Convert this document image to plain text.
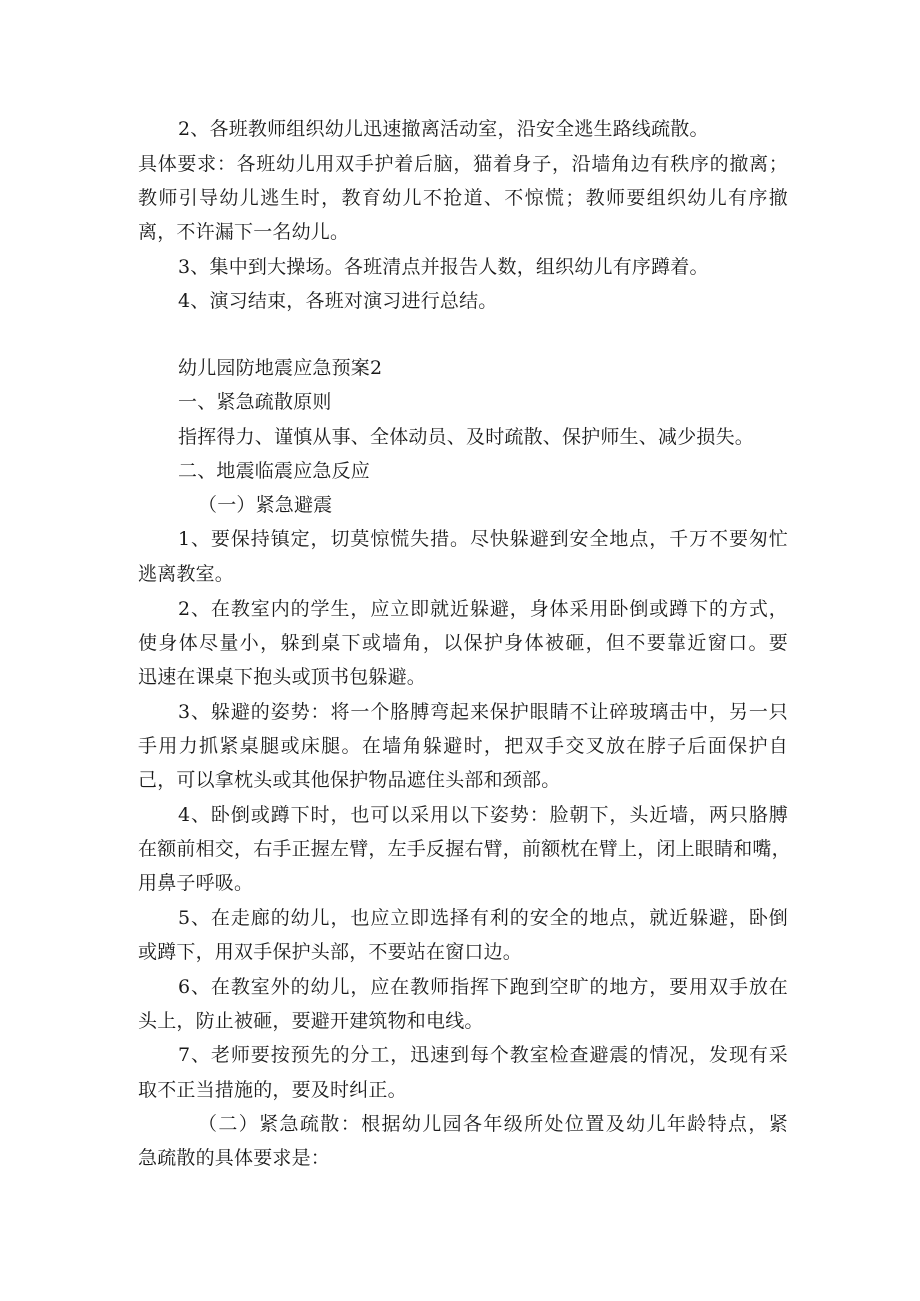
2、各班教师组织幼儿迅速撤离活动室，沿安全逃生路线疏散。
具体要求：各班幼儿用双手护着后脑，猫着身子，沿墙角边有秩序的撤离；
教师引导幼儿逃生时，教育幼儿不抢道、不惊慌；教师要组织幼儿有序撤
离，不许漏下一名幼儿。
3、集中到大操场。各班清点并报告人数，组织幼儿有序蹲着。
4、演习结束，各班对演习进行总结。
幼儿园防地震应急预案2
一、紧急疏散原则
指挥得力、谨慎从事、全体动员、及时疏散、保护师生、减少损失。
二、地震临震应急反应
（一）紧急避震
1、要保持镇定，切莫惊慌失措。尽快躲避到安全地点，千万不要匆忙
逃离教室。
2、在教室内的学生，应立即就近躲避，身体采用卧倒或蹲下的方式，
使身体尽量小，躲到桌下或墙角，以保护身体被砸，但不要靠近窗口。要
迅速在课桌下抱头或顶书包躲避。
3、躲避的姿势：将一个胳膊弯起来保护眼睛不让碎玻璃击中，另一只
手用力抓紧桌腿或床腿。在墙角躲避时，把双手交叉放在脖子后面保护自
己，可以拿枕头或其他保护物品遮住头部和颈部。
4、卧倒或蹲下时，也可以采用以下姿势：脸朝下，头近墙，两只胳膊
在额前相交，右手正握左臂，左手反握右臂，前额枕在臂上，闭上眼睛和嘴，
用鼻子呼吸。
5、在走廊的幼儿，也应立即选择有利的安全的地点，就近躲避，卧倒
或蹲下，用双手保护头部，不要站在窗口边。
6、在教室外的幼儿，应在教师指挥下跑到空旷的地方，要用双手放在
头上，防止被砸，要避开建筑物和电线。
7、老师要按预先的分工，迅速到每个教室检查避震的情况，发现有采
取不正当措施的，要及时纠正。
（二）紧急疏散：根据幼儿园各年级所处位置及幼儿年龄特点，紧
急疏散的具体要求是：
